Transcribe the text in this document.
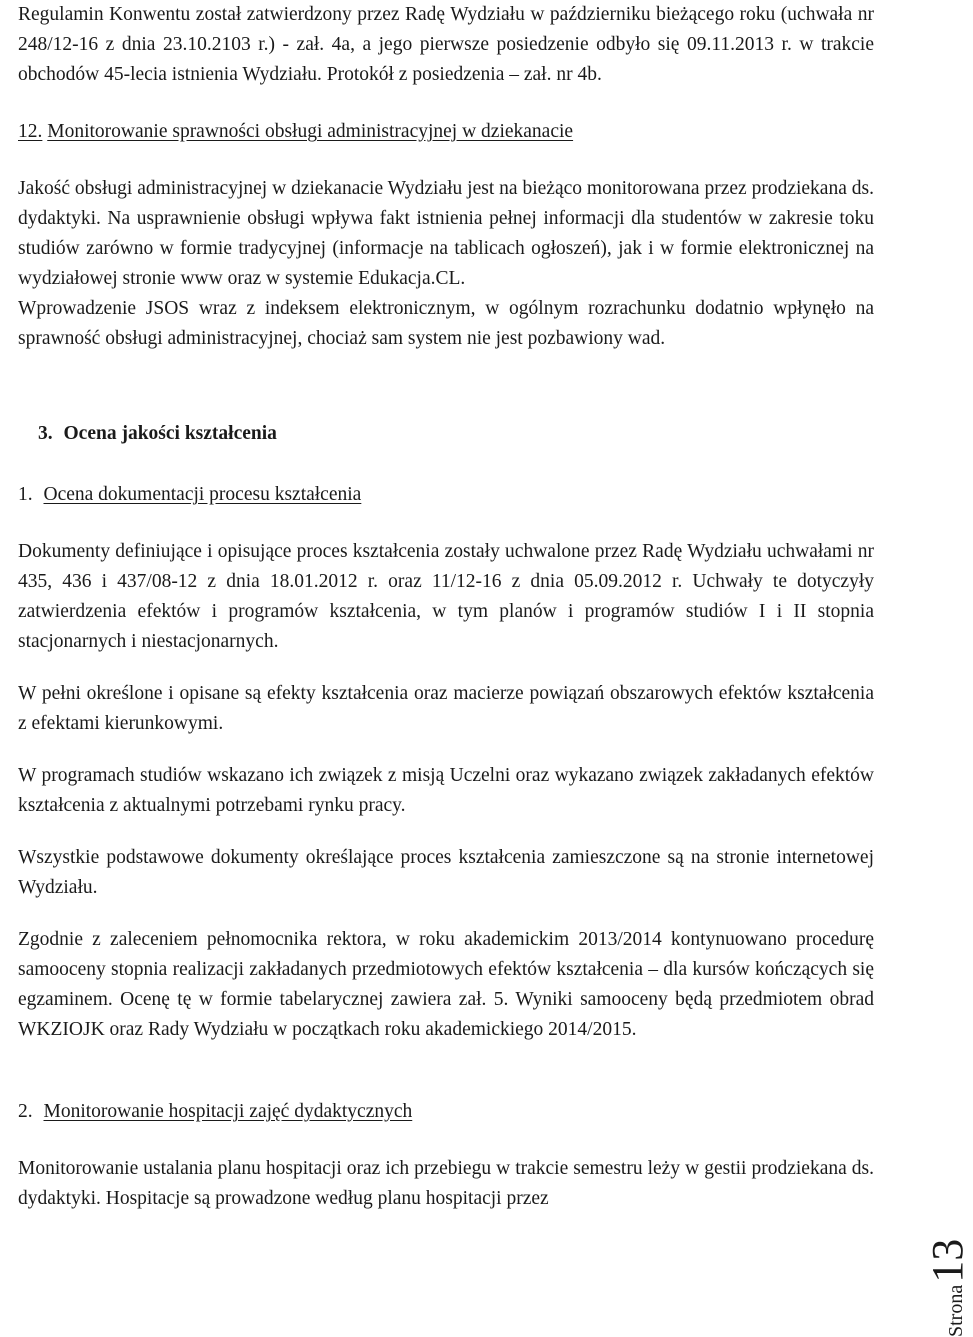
Regulamin Konwentu został zatwierdzony przez Radę Wydziału w październiku bieżącego roku (uchwała nr 248/12-16 z dnia 23.10.2103 r.) - zał. 4a, a jego pierwsze posiedzenie odbyło się 09.11.2013 r. w trakcie obchodów 45-lecia istnienia Wydziału. Protokół z posiedzenia – zał. nr 4b.

12. Monitorowanie sprawności obsługi administracyjnej w dziekanacie

Jakość obsługi administracyjnej w dziekanacie Wydziału jest na bieżąco monitorowana przez prodziekana ds. dydaktyki. Na usprawnienie obsługi wpływa fakt istnienia pełnej informacji dla studentów w zakresie toku studiów zarówno w formie tradycyjnej (informacje na tablicach ogłoszeń), jak i w formie elektronicznej na wydziałowej stronie www oraz w systemie Edukacja.CL.

Wprowadzenie JSOS wraz z indeksem elektronicznym, w ogólnym rozrachunku dodatnio wpłynęło na sprawność obsługi administracyjnej, chociaż sam system nie jest pozbawiony wad.

3. Ocena jakości kształcenia

1. Ocena dokumentacji procesu kształcenia

Dokumenty definiujące i opisujące proces kształcenia zostały uchwalone przez Radę Wydziału uchwałami nr 435, 436 i 437/08-12 z dnia 18.01.2012 r. oraz 11/12-16 z dnia 05.09.2012 r. Uchwały te dotyczyły zatwierdzenia efektów i programów kształcenia, w tym planów i programów studiów I i II stopnia stacjonarnych i niestacjonarnych.

W pełni określone i opisane są efekty kształcenia oraz macierze powiązań obszarowych efektów kształcenia z efektami kierunkowymi.

W programach studiów wskazano ich związek z misją Uczelni oraz wykazano związek zakładanych efektów kształcenia z aktualnymi potrzebami rynku pracy.

Wszystkie podstawowe dokumenty określające proces kształcenia zamieszczone są na stronie internetowej Wydziału.

Zgodnie z zaleceniem pełnomocnika rektora, w roku akademickim 2013/2014 kontynuowano procedurę samooceny stopnia realizacji zakładanych przedmiotowych efektów kształcenia – dla kursów kończących się egzaminem. Ocenę tę w formie tabelarycznej zawiera zał. 5. Wyniki samooceny będą przedmiotem obrad WKZIOJK oraz Rady Wydziału w początkach roku akademickiego 2014/2015.

2. Monitorowanie hospitacji zajęć dydaktycznych

Monitorowanie ustalania planu hospitacji oraz ich przebiegu w trakcie semestru leży w gestii prodziekana ds. dydaktyki. Hospitacje są prowadzone według planu hospitacji przez

Strona13
